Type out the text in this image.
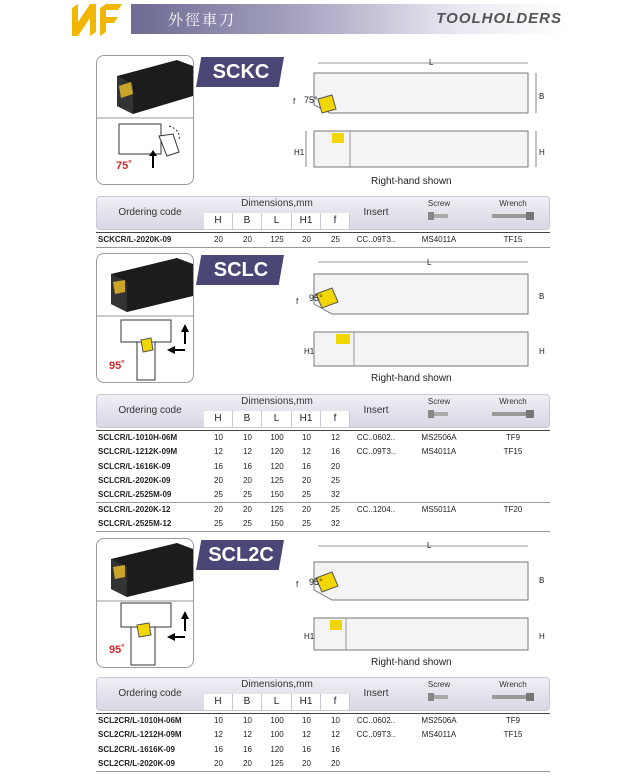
外徑車刀	TOOLHOLDERS
75˚
SCKC	L
f 75°	B
H1	H
Right-hand shown
Ordering code
Dimensions,mm
H	B	L	H1	f
Insert
Screw	Wrench
SCKCR/L-2020K-09	20	20	125	20	25	CC..09T3..	MS4011A	TF15
95˚
SCLC	L
f 95°	B
H1	H
Right-hand shown
Ordering code
Dimensions,mm
H	B	L	H1	f
Insert
Screw	Wrench
SCLCR/L-1010H-06M	10	10	100	10	12	CC..0602..	MS2506A	TF9
SCLCR/L-1212K-09M	12	12	120	12	16	CC..09T3..	MS4011A	TF15
SCLCR/L-1616K-09	16	16	120	16	20
SCLCR/L-2020K-09	20	20	125	20	25
SCLCR/L-2525M-09	25	25	150	25	32
SCLCR/L-2020K-12	20	20	125	20	25	CC..1204..	MS5011A	TF20
SCLCR/L-2525M-12	25	25	150	25	32
95˚
SCL2C	L
f 95°	B
H1	H
Right-hand shown
Ordering code
Dimensions,mm
H	B	L	H1	f
Insert
Screw	Wrench
SCL2CR/L-1010H-06M	10	10	100	10	10	CC..0602..	MS2506A	TF9
SCL2CR/L-1212H-09M	12	12	100	12	12	CC..09T3..	MS4011A	TF15
SCL2CR/L-1616K-09	16	16	120	16	16
SCL2CR/L-2020K-09	20	20	125	20	20
